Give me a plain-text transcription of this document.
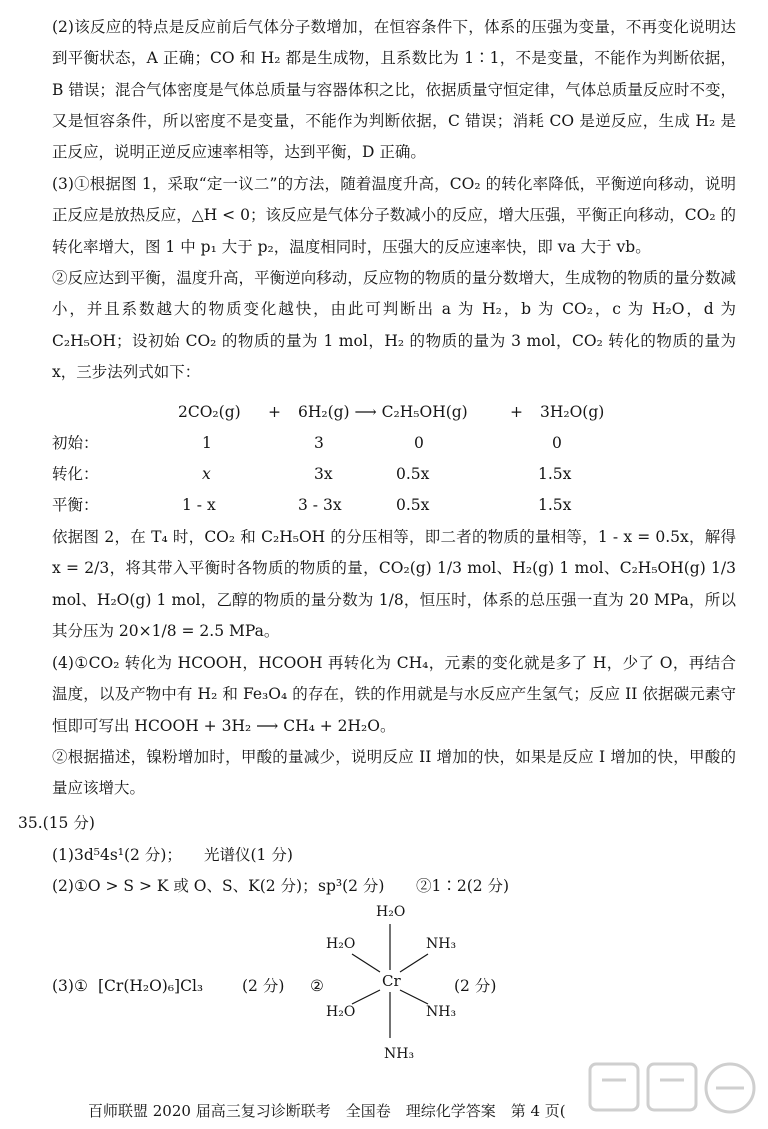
(2)该反应的特点是反应前后气体分子数增加，在恒容条件下，体系的压强为变量，不再变化说明达到平衡状态，A 正确；CO 和 H₂ 都是生成物，且系数比为 1∶1，不是变量，不能作为判断依据，B 错误；混合气体密度是气体总质量与容器体积之比，依据质量守恒定律，气体总质量反应时不变，又是恒容条件，所以密度不是变量，不能作为判断依据，C 错误；消耗 CO 是逆反应，生成 H₂ 是正反应，说明正逆反应速率相等，达到平衡，D 正确。
(3)①根据图 1，采取“定一议二”的方法，随着温度升高，CO₂ 的转化率降低，平衡逆向移动，说明正反应是放热反应，△H < 0；该反应是气体分子数减小的反应，增大压强，平衡正向移动，CO₂ 的转化率增大，图 1 中 p₁ 大于 p₂，温度相同时，压强大的反应速率快，即 va 大于 vb。
②反应达到平衡，温度升高，平衡逆向移动，反应物的物质的量分数增大，生成物的物质的量分数减小，并且系数越大的物质变化越快，由此可判断出 a 为 H₂，b 为 CO₂，c 为 H₂O，d 为 C₂H₅OH；设初始 CO₂ 的物质的量为 1 mol，H₂ 的物质的量为 3 mol，CO₂ 转化的物质的量为 x，三步法列式如下：
2CO₂(g) + 6H₂(g) ⟶ C₂H₅OH(g)	+ 3H₂O(g)
初始：	1	3	0	0
转化：	x	3x	0.5x	1.5x
平衡：	1 - x	3 - 3x	0.5x	1.5x
依据图 2，在 T₄ 时，CO₂ 和 C₂H₅OH 的分压相等，即二者的物质的量相等，1 - x = 0.5x，解得 x = 2/3，将其带入平衡时各物质的物质的量，CO₂(g) 1/3 mol、H₂(g) 1 mol、C₂H₅OH(g) 1/3 mol、H₂O(g) 1 mol，乙醇的物质的量分数为 1/8，恒压时，体系的总压强一直为 20 MPa，所以其分压为 20×1/8 = 2.5 MPa。
(4)①CO₂ 转化为 HCOOH，HCOOH 再转化为 CH₄，元素的变化就是多了 H，少了 O，再结合温度，以及产物中有 H₂ 和 Fe₃O₄ 的存在，铁的作用就是与水反应产生氢气；反应 II 依据碳元素守恒即可写出 HCOOH + 3H₂ ⟶ CH₄ + 2H₂O。
②根据描述，镍粉增加时，甲酸的量减少，说明反应 II 增加的快，如果是反应 I 增加的快，甲酸的量应该增大。
35.(15 分)
(1)3d⁵4s¹(2 分)； 光谱仪(1 分)
(2)①O > S > K 或 O、S、K(2 分)； sp³(2 分) ②1∶2(2 分)
(3)① [Cr(H₂O)₆]Cl₃	(2 分) ②	(2 分)
H₂O
H₂O	NH₃
Cr
H₂O	NH₃
NH₃
百师联盟 2020 届高三复习诊断联考　全国卷　理综化学答案　第 4 页(
